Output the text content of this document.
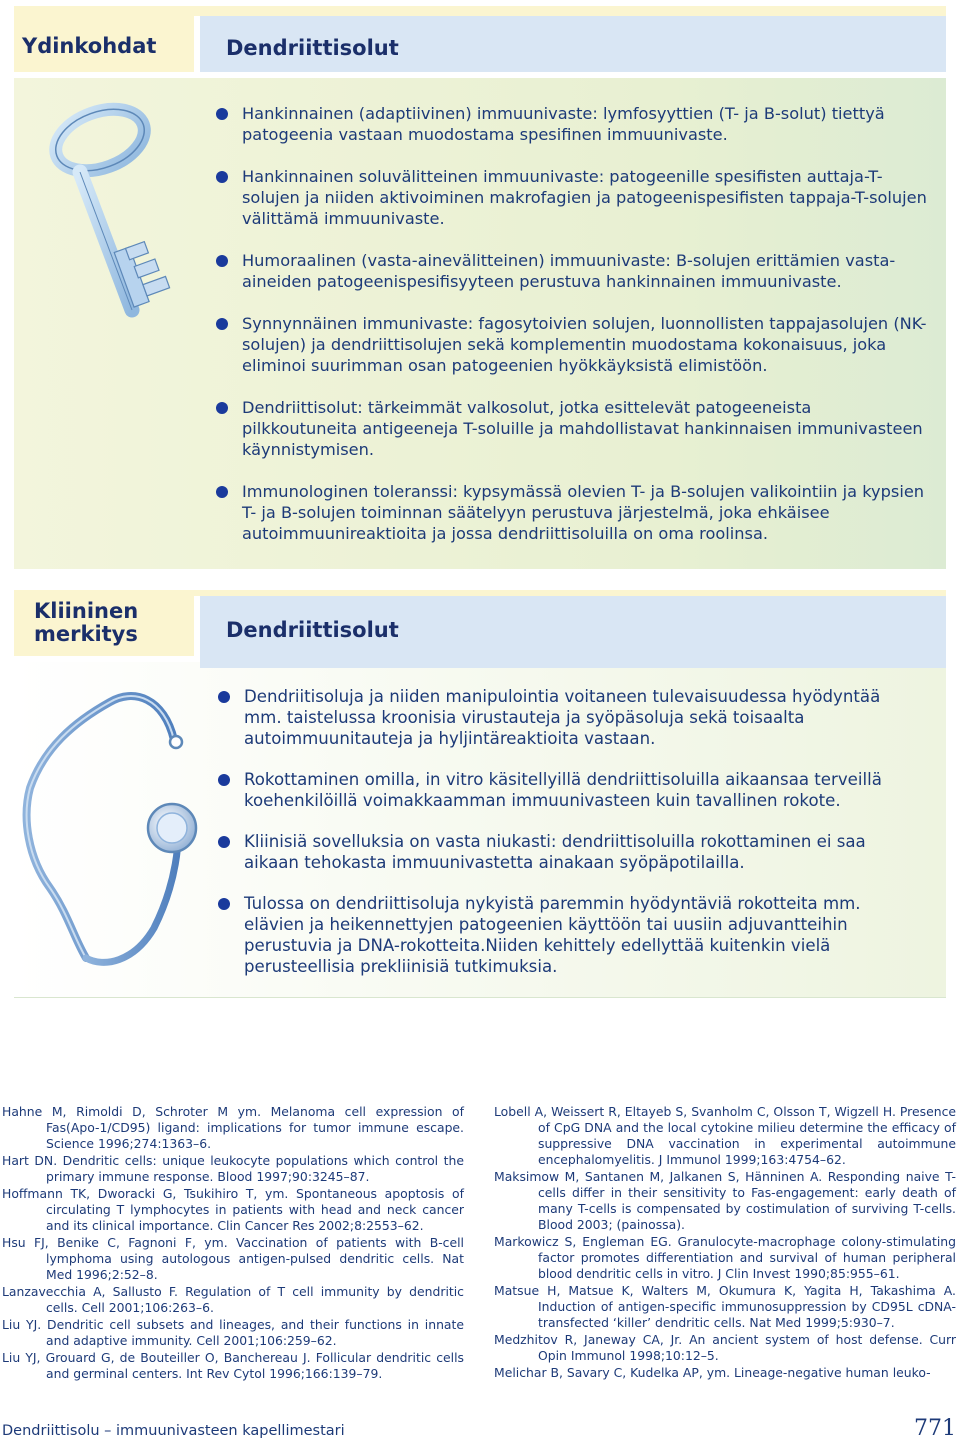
Ydinkohdat	Dendriittisolut
Hankinnainen (adaptiivinen) immuunivaste: lymfosyyttien (T- ja B-solut) tiettyä patogeenia vastaan muodostama spesifinen immuunivaste.
Hankinnainen soluvälitteinen immuunivaste: patogeenille spesifisten auttaja-T-solujen ja niiden aktivoiminen makrofagien ja patogeenispesifisten tappaja-T-solujen välittämä immuunivaste.
Humoraalinen (vasta-ainevälitteinen) immuunivaste: B-solujen erittämien vasta-aineiden patogeenispesifisyyteen perustuva hankinnainen immuunivaste.
Synnynnäinen immunivaste: fagosytoivien solujen, luonnollisten tappajasolujen (NK-solujen) ja dendriittisolujen sekä komplementin muodostama kokonaisuus, joka eliminoi suurimman osan patogeenien hyökkäyksistä elimistöön.
Dendriittisolut: tärkeimmät valkosolut, jotka esittelevät patogeeneista pilkkoutuneita antigeeneja T-soluille ja mahdollistavat hankinnaisen immunivasteen käynnistymisen.
Immunologinen toleranssi: kypsymässä olevien T- ja B-solujen valikointiin ja kypsien T- ja B-solujen toiminnan säätelyyn perustuva järjestelmä, joka ehkäisee autoimmuunireaktioita ja jossa dendriittisoluilla on oma roolinsa.
Kliininen
merkitys	Dendriittisolut
Dendriitisoluja ja niiden manipulointia voitaneen tulevaisuudessa hyödyntää mm. taistelussa kroonisia virustauteja ja syöpäsoluja sekä toisaalta autoimmuunitauteja ja hyljintäreaktioita vastaan.
Rokottaminen omilla, in vitro käsitellyillä dendriittisoluilla aikaansaa terveillä koehenkilöillä voimakkaamman immuunivasteen kuin tavallinen rokote.
Kliinisiä sovelluksia on vasta niukasti: dendriittisoluilla rokottaminen ei saa aikaan tehokasta immuunivastetta ainakaan syöpäpotilailla.
Tulossa on dendriittisoluja nykyistä paremmin hyödyntäviä rokotteita mm. elävien ja heikennettyjen patogeenien käyttöön tai uusiin adjuvantteihin perustuvia ja DNA-rokotteita.Niiden kehittely edellyttää kuitenkin vielä perusteellisia prekliinisiä tutkimuksia.

Hahne M, Rimoldi D, Schroter M ym. Melanoma cell expression of Fas(Apo-1/CD95) ligand: implications for tumor immune escape. Science 1996;274:1363–6.

Hart DN. Dendritic cells: unique leukocyte populations which control the primary immune response. Blood 1997;90:3245–87.

Hoffmann TK, Dworacki G, Tsukihiro T, ym. Spontaneous apoptosis of circulating T lymphocytes in patients with head and neck cancer and its clinical importance. Clin Cancer Res 2002;8:2553–62.

Hsu FJ, Benike C, Fagnoni F, ym. Vaccination of patients with B-cell lymphoma using autologous antigen-pulsed dendritic cells. Nat Med 1996;2:52–8.

Lanzavecchia A, Sallusto F. Regulation of T cell immunity by dendritic cells. Cell 2001;106:263–6.

Liu YJ. Dendritic cell subsets and lineages, and their functions in innate and adaptive immunity. Cell 2001;106:259–62.

Liu YJ, Grouard G, de Bouteiller O, Banchereau J. Follicular dendritic cells and germinal centers. Int Rev Cytol 1996;166:139–79.

Lobell A, Weissert R, Eltayeb S, Svanholm C, Olsson T, Wigzell H. Presence of CpG DNA and the local cytokine milieu determine the efficacy of suppressive DNA vaccination in experimental autoimmune encephalomyelitis. J Immunol 1999;163:4754–62.

Maksimow M, Santanen M, Jalkanen S, Hänninen A. Responding naive T-cells differ in their sensitivity to Fas-engagement: early death of many T-cells is compensated by costimulation of surviving T-cells. Blood 2003; (painossa).

Markowicz S, Engleman EG. Granulocyte-macrophage colony-stimulating factor promotes differentiation and survival of human peripheral blood dendritic cells in vitro. J Clin Invest 1990;85:955–61.

Matsue H, Matsue K, Walters M, Okumura K, Yagita H, Takashima A. Induction of antigen-specific immunosuppression by CD95L cDNA-transfected ‘killer’ dendritic cells. Nat Med 1999;5:930–7.

Medzhitov R, Janeway CA, Jr. An ancient system of host defense. Curr Opin Immunol 1998;10:12–5.

Melichar B, Savary C, Kudelka AP, ym. Lineage-negative human leuko-

Dendriittisolu – immuunivasteen kapellimestari	771
